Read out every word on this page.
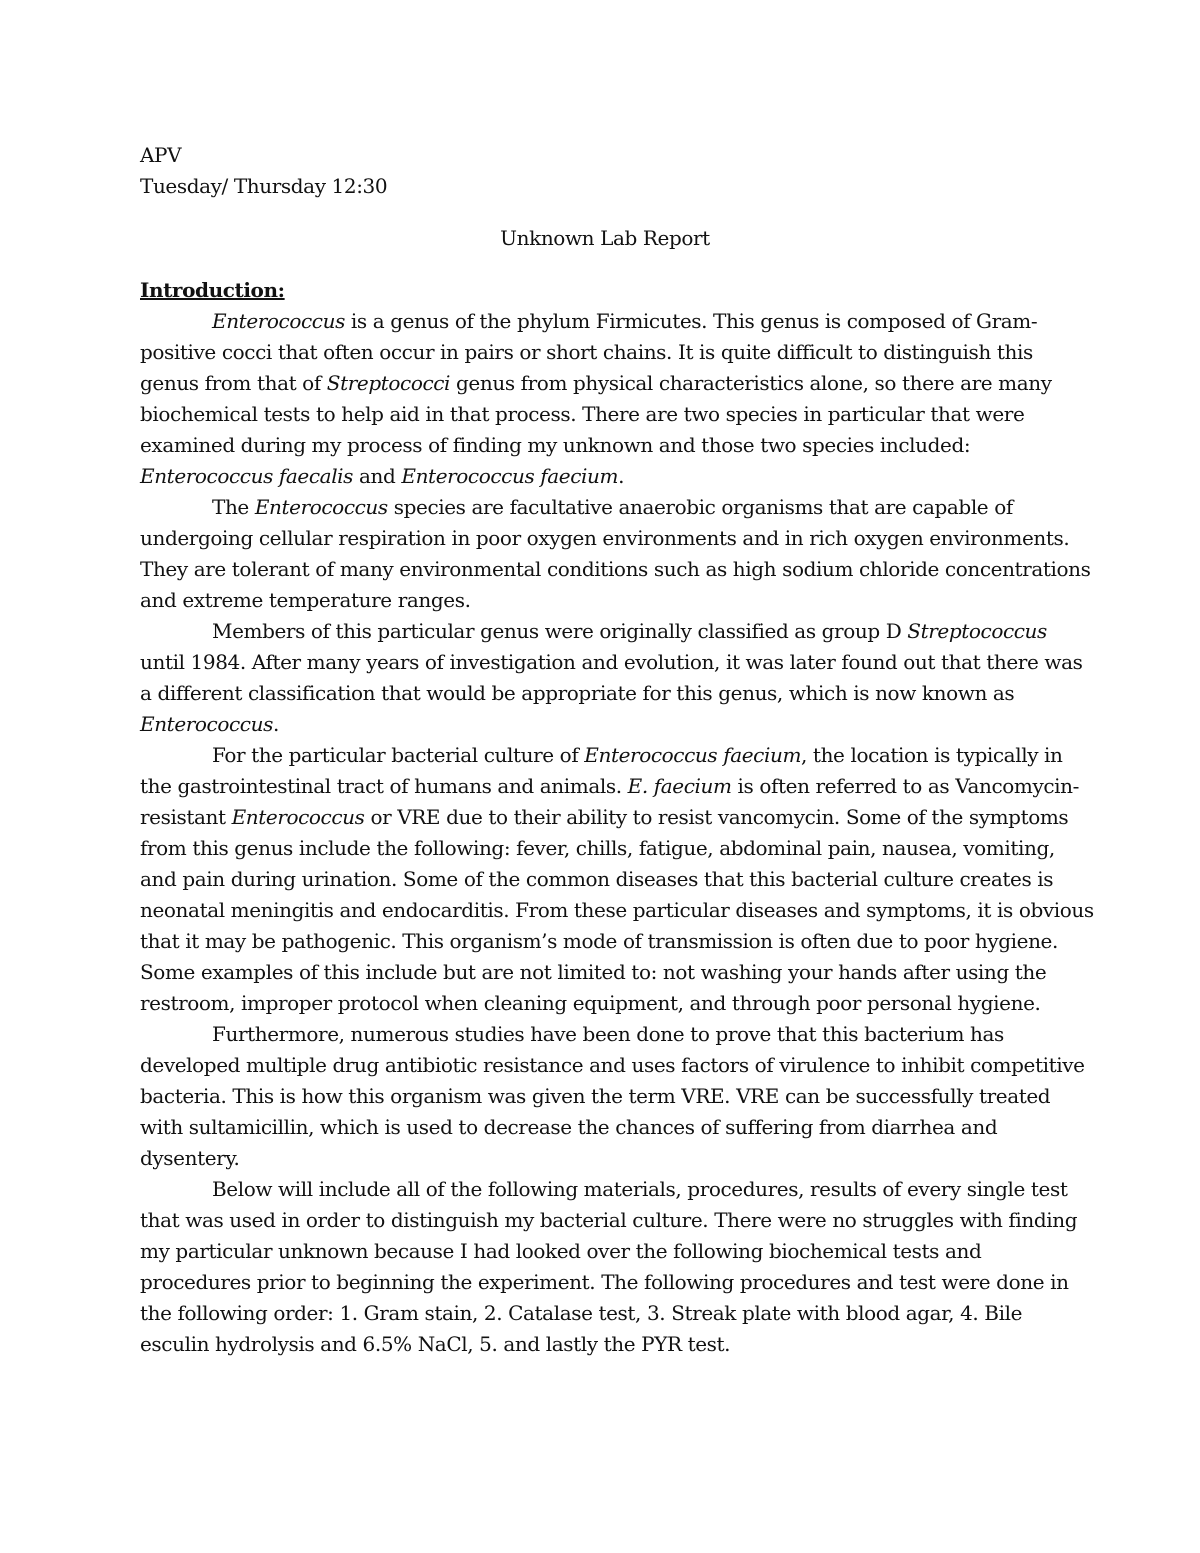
APV
Tuesday/ Thursday 12:30
Unknown Lab Report
Introduction:
Enterococcus is a genus of the phylum Firmicutes. This genus is composed of Gram-
positive cocci that often occur in pairs or short chains. It is quite difficult to distinguish this
genus from that of Streptococci genus from physical characteristics alone, so there are many
biochemical tests to help aid in that process. There are two species in particular that were
examined during my process of finding my unknown and those two species included:
Enterococcus faecalis and Enterococcus faecium.
The Enterococcus species are facultative anaerobic organisms that are capable of
undergoing cellular respiration in poor oxygen environments and in rich oxygen environments.
They are tolerant of many environmental conditions such as high sodium chloride concentrations
and extreme temperature ranges.
Members of this particular genus were originally classified as group D Streptococcus
until 1984. After many years of investigation and evolution, it was later found out that there was
a different classification that would be appropriate for this genus, which is now known as
Enterococcus.
For the particular bacterial culture of Enterococcus faecium, the location is typically in
the gastrointestinal tract of humans and animals. E. faecium is often referred to as Vancomycin-
resistant Enterococcus or VRE due to their ability to resist vancomycin. Some of the symptoms
from this genus include the following: fever, chills, fatigue, abdominal pain, nausea, vomiting,
and pain during urination. Some of the common diseases that this bacterial culture creates is
neonatal meningitis and endocarditis. From these particular diseases and symptoms, it is obvious
that it may be pathogenic. This organism’s mode of transmission is often due to poor hygiene.
Some examples of this include but are not limited to: not washing your hands after using the
restroom, improper protocol when cleaning equipment, and through poor personal hygiene.
Furthermore, numerous studies have been done to prove that this bacterium has
developed multiple drug antibiotic resistance and uses factors of virulence to inhibit competitive
bacteria. This is how this organism was given the term VRE. VRE can be successfully treated
with sultamicillin, which is used to decrease the chances of suffering from diarrhea and
dysentery.
Below will include all of the following materials, procedures, results of every single test
that was used in order to distinguish my bacterial culture. There were no struggles with finding
my particular unknown because I had looked over the following biochemical tests and
procedures prior to beginning the experiment. The following procedures and test were done in
the following order: 1. Gram stain, 2. Catalase test, 3. Streak plate with blood agar, 4. Bile
esculin hydrolysis and 6.5% NaCl, 5. and lastly the PYR test.
